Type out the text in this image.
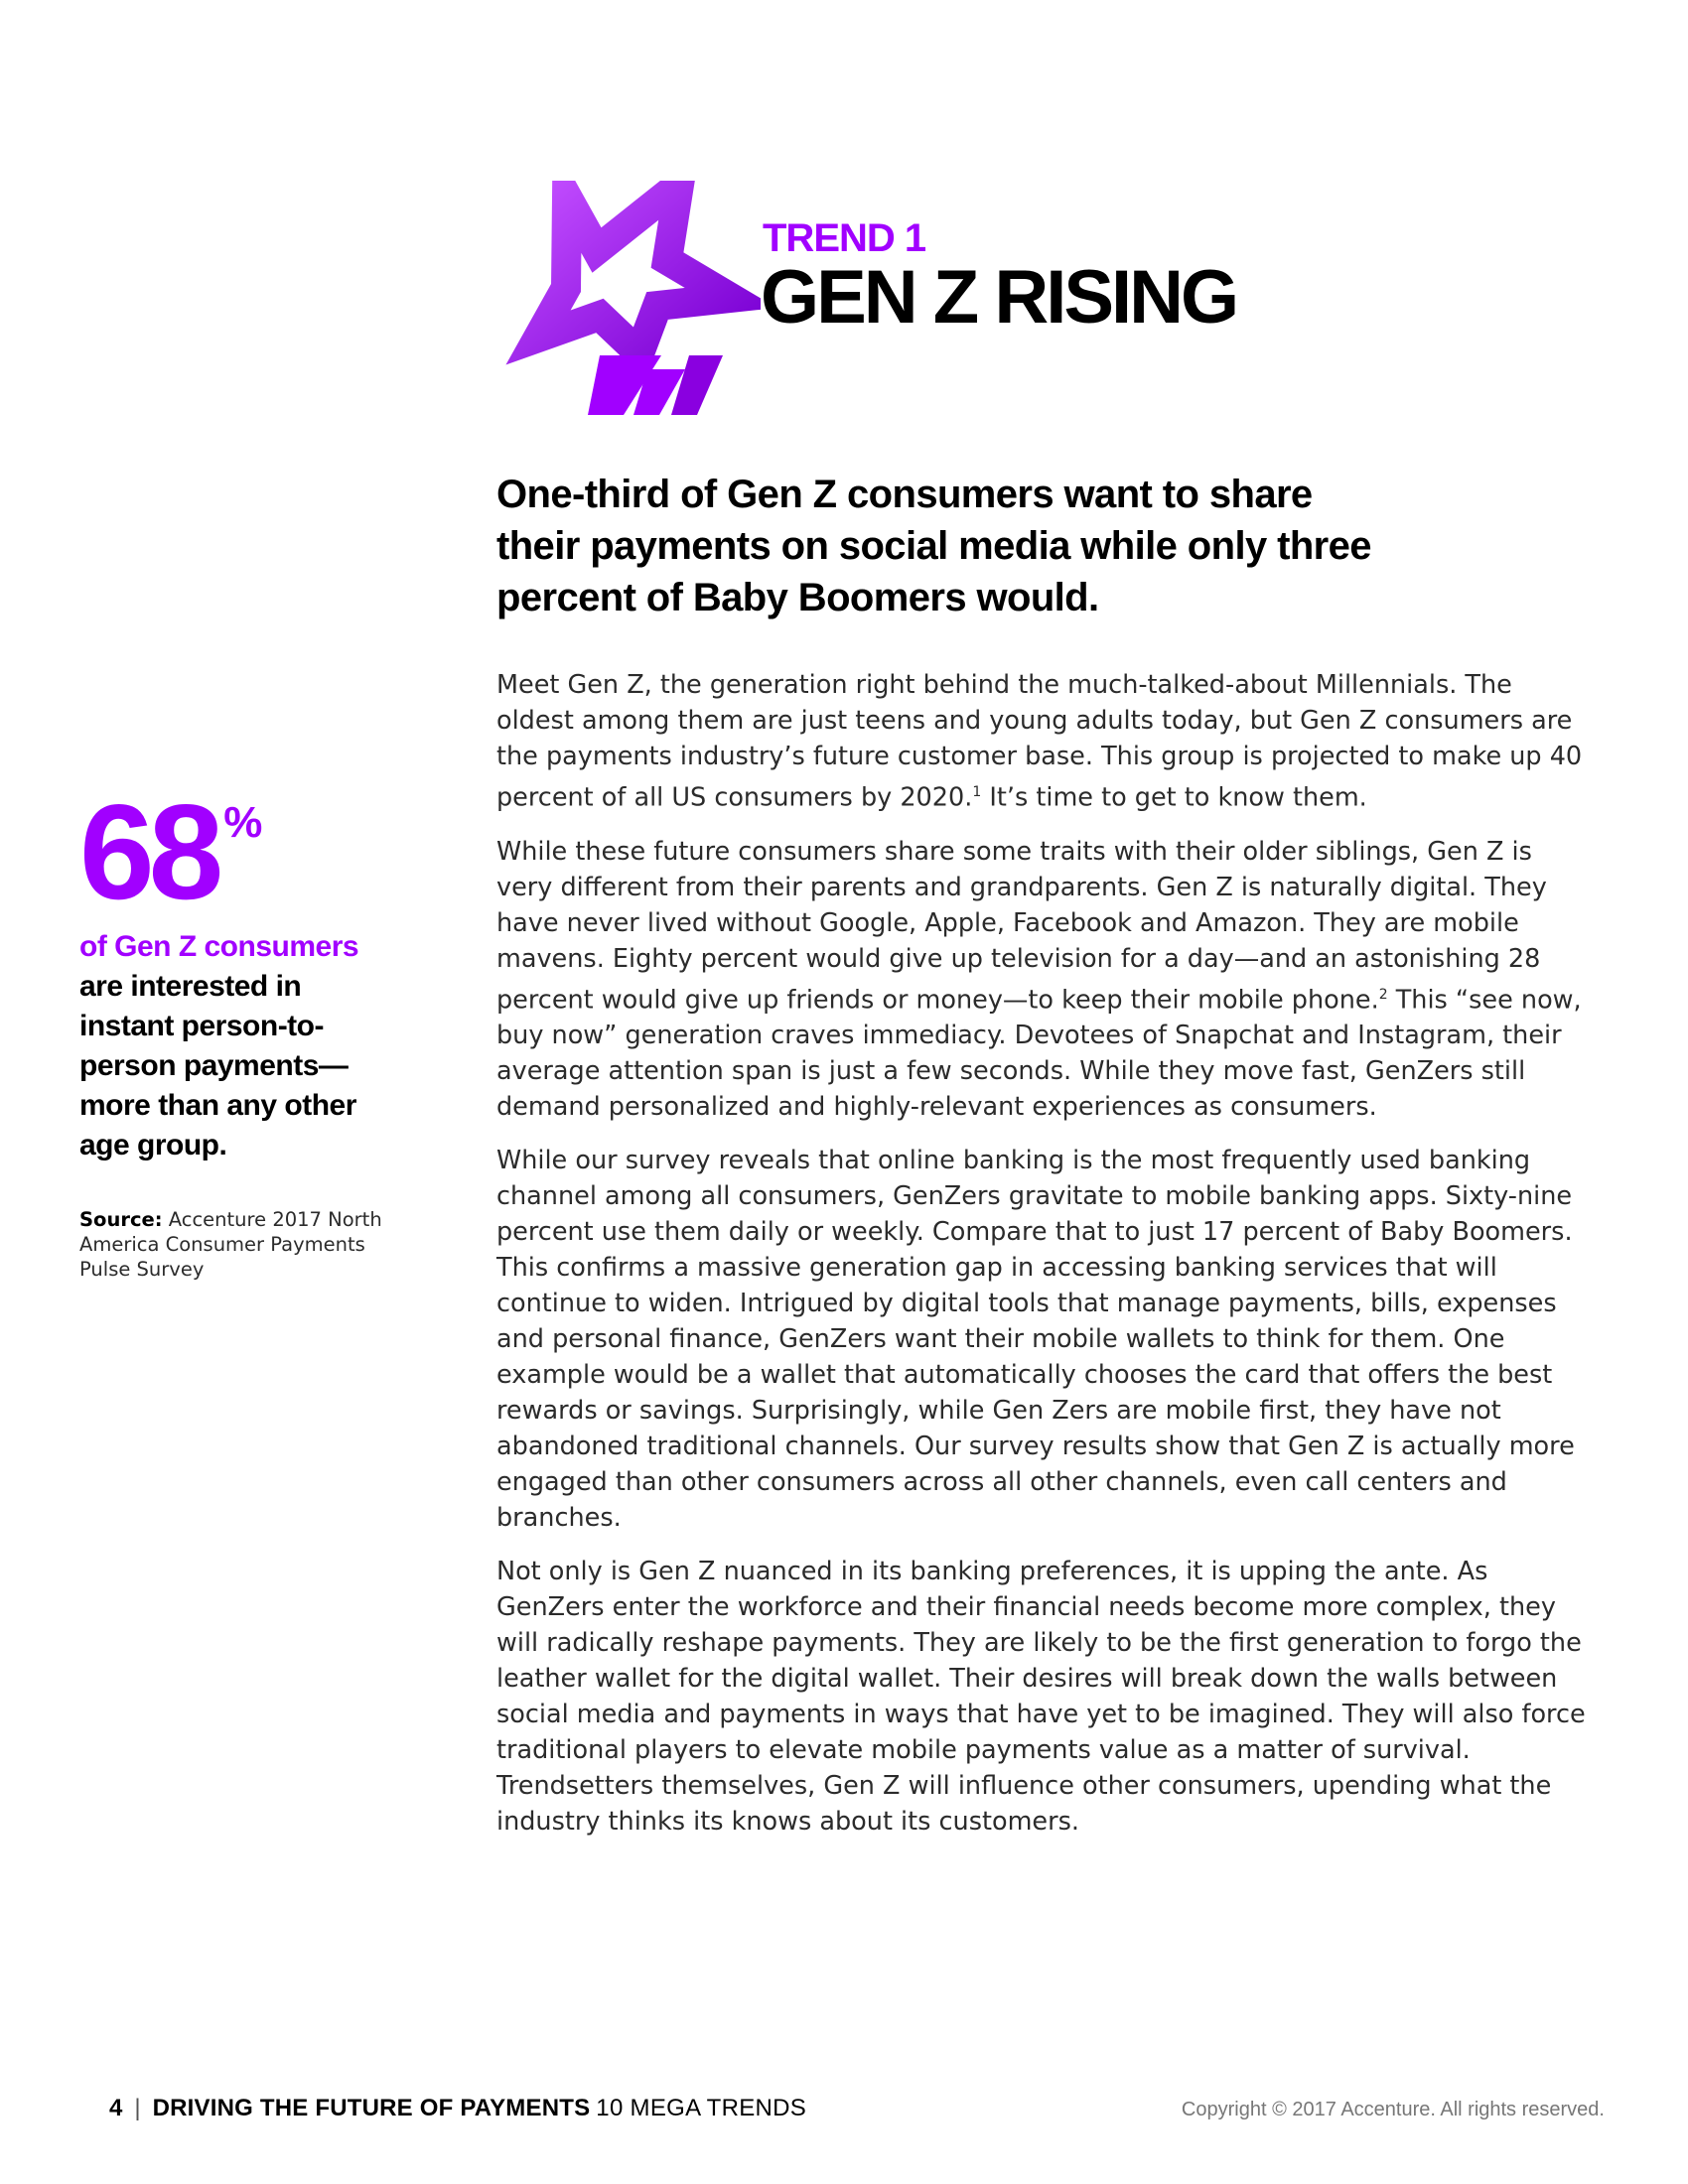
TREND 1
GEN Z RISING
One-third of Gen Z consumers want to share
their payments on social media while only three
percent of Baby Boomers would.

Meet Gen Z, the generation right behind the much-talked-about Millennials. The oldest among them are just teens and young adults today, but Gen Z consumers are the payments industry’s future customer base. This group is projected to make up 40 percent of all US consumers by 2020.$^1$ It’s time to get to know them.

While these future consumers share some traits with their older siblings, Gen Z is very different from their parents and grandparents. Gen Z is naturally digital. They have never lived without Google, Apple, Facebook and Amazon. They are mobile mavens. Eighty percent would give up television for a day—and an astonishing 28 percent would give up friends or money—to keep their mobile phone.$^2$ This “see now, buy now” generation craves immediacy. Devotees of Snapchat and Instagram, their average attention span is just a few seconds. While they move fast, GenZers still demand personalized and highly-relevant experiences as consumers.

While our survey reveals that online banking is the most frequently used banking channel among all consumers, GenZers gravitate to mobile banking apps. Sixty-nine percent use them daily or weekly. Compare that to just 17 percent of Baby Boomers. This confirms a massive generation gap in accessing banking services that will continue to widen. Intrigued by digital tools that manage payments, bills, expenses and personal finance, GenZers want their mobile wallets to think for them. One example would be a wallet that automatically chooses the card that offers the best rewards or savings. Surprisingly, while Gen Zers are mobile first, they have not abandoned traditional channels. Our survey results show that Gen Z is actually more engaged than other consumers across all other channels, even call centers and branches.

Not only is Gen Z nuanced in its banking preferences, it is upping the ante. As GenZers enter the workforce and their financial needs become more complex, they will radically reshape payments. They are likely to be the first generation to forgo the leather wallet for the digital wallet. Their desires will break down the walls between social media and payments in ways that have yet to be imagined. They will also force traditional players to elevate mobile payments value as a matter of survival. Trendsetters themselves, Gen Z will influence other consumers, upending what the industry thinks its knows about its customers.

68 %
of Gen Z consumers

are interested in
instant person-to-
person payments—
more than any other
age group.

Source: Accenture 2017 North America Consumer Payments Pulse Survey
4 | DRIVING THE FUTURE OF PAYMENTS 10 MEGA TRENDS	Copyright © 2017 Accenture. All rights reserved.
